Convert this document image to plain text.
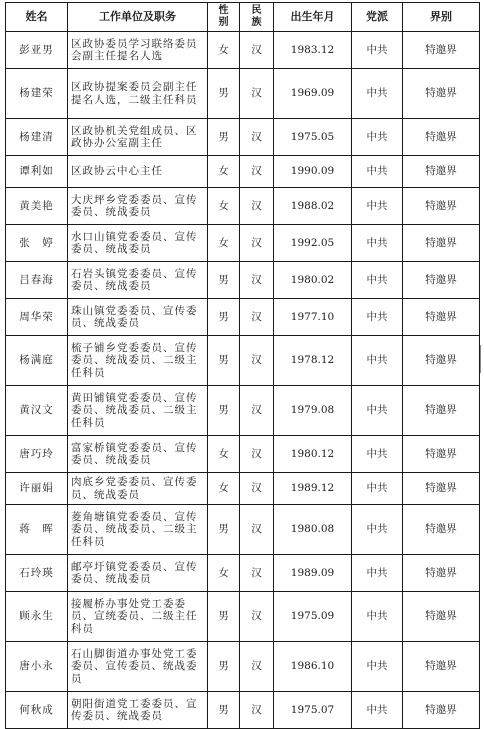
姓名	工作单位及职务	性别	民族	出生年月	党派	界别
彭亚男	区政协委员学习联络委员会副主任提名人选	女	汉	1983.12	中共	特邀界
杨建荣	区政协提案委员会副主任提名人选，二级主任科员	男	汉	1969.09	中共	特邀界
杨建清	区政协机关党组成员、区政协办公室副主任	男	汉	1975.05	中共	特邀界
谭利如	区政协云中心主任	女	汉	1990.09	中共	特邀界
黄美艳	大庆坪乡党委委员、宣传委员、统战委员	女	汉	1988.02	中共	特邀界
张　婷	水口山镇党委委员、宣传委员、统战委员	女	汉	1992.05	中共	特邀界
吕春海	石岩头镇党委委员、宣传委员、统战委员	男	汉	1980.02	中共	特邀界
周华荣	珠山镇党委委员、宣传委员、统战委员	男	汉	1977.10	中共	特邀界
杨满庭	梳子铺乡党委委员、宣传委员、统战委员、二级主任科员	男	汉	1978.12	中共	特邀界
黄汉文	黄田铺镇党委委员、宣传委员、统战委员、二级主任科员	男	汉	1979.08	中共	特邀界
唐巧玲	富家桥镇党委委员、宣传委员、统战委员	女	汉	1980.12	中共	特邀界
许丽娟	肉底乡党委委员、宣传委员、统战委员	女	汉	1989.12	中共	特邀界
蒋　晖	菱角塘镇党委委员、宣传委员、统战委员、二级主任科员	男	汉	1980.08	中共	特邀界
石玲瑛	邮亭圩镇党委委员、宣传委员、统战委员	女	汉	1989.09	中共	特邀界
顾永生	接履桥办事处党工委委员、宣统委员、二级主任科员	男	汉	1975.09	中共	特邀界
唐小永	石山脚街道办事处党工委委员、宣传委员、统战委员	男	汉	1986.10	中共	特邀界
何秋成	朝阳街道党工委委员、宣传委员、统战委员	男	汉	1975.07	中共	特邀界
